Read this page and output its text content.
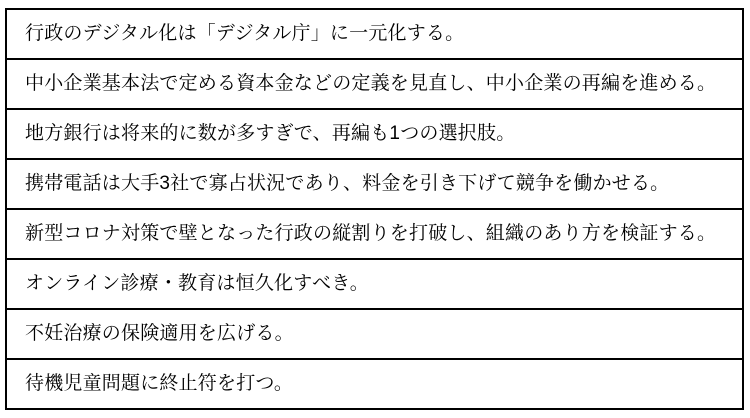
行政のデジタル化は「デジタル庁」に一元化する。
中小企業基本法で定める資本金などの定義を見直し、中小企業の再編を進める。
地方銀行は将来的に数が多すぎで、再編も1つの選択肢。
携帯電話は大手3社で寡占状況であり、料金を引き下げて競争を働かせる。
新型コロナ対策で壁となった行政の縦割りを打破し、組織のあり方を検証する。
オンライン診療・教育は恒久化すべき。
不妊治療の保険適用を広げる。
待機児童問題に終止符を打つ。
